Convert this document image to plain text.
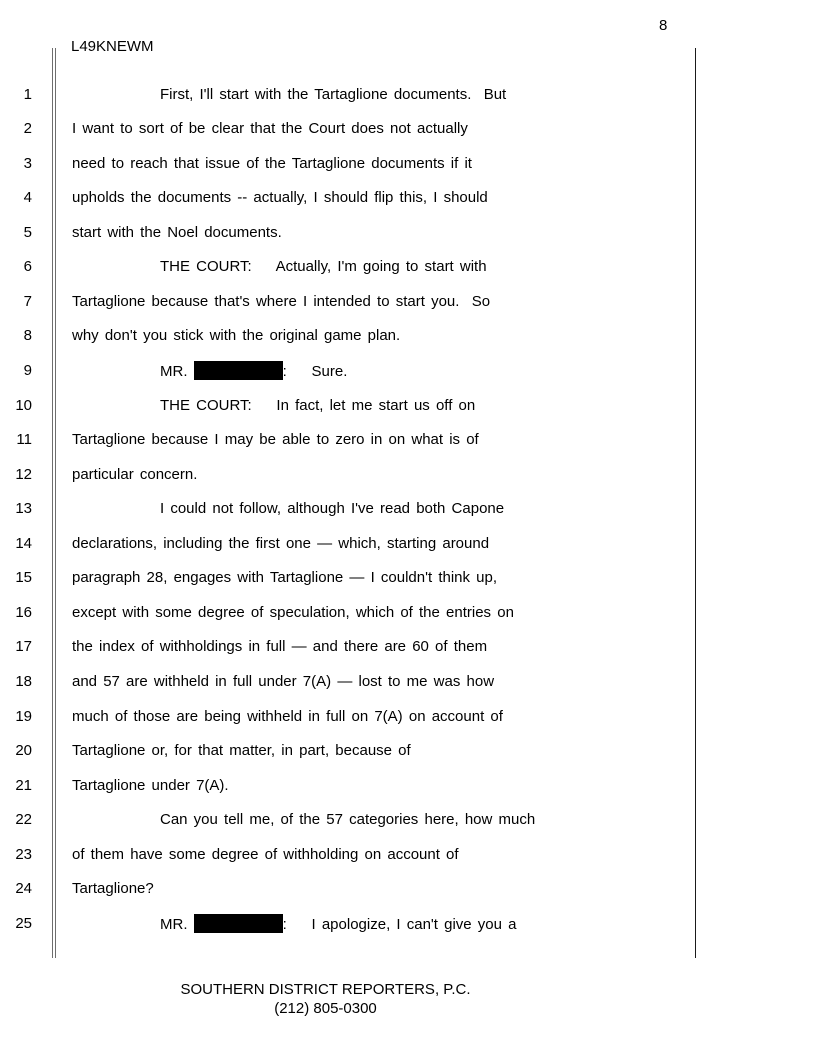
8
L49KNEWM
1	First, I'll start with the Tartaglione documents.  But
2	I want to sort of be clear that the Court does not actually
3	need to reach that issue of the Tartaglione documents if it
4	upholds the documents -- actually, I should flip this, I should
5	start with the Noel documents.
6	THE COURT:    Actually, I'm going to start with
7	Tartaglione because that's where I intended to start you.  So
8	why don't you stick with the original game plan.
9	MR.	:    Sure.
10	THE COURT:    In fact, let me start us off on
11	Tartaglione because I may be able to zero in on what is of
12	particular concern.
13	I could not follow, although I've read both Capone
14	declarations, including the first one — which, starting around
15	paragraph 28, engages with Tartaglione — I couldn't think up,
16	except with some degree of speculation, which of the entries on
17	the index of withholdings in full — and there are 60 of them
18	and 57 are withheld in full under 7(A) — lost to me was how
19	much of those are being withheld in full on 7(A) on account of
20	Tartaglione or, for that matter, in part, because of
21	Tartaglione under 7(A).
22	Can you tell me, of the 57 categories here, how much
23	of them have some degree of withholding on account of
24	Tartaglione?
25	MR.	:    I apologize, I can't give you a
SOUTHERN DISTRICT REPORTERS, P.C.
(212) 805-0300
